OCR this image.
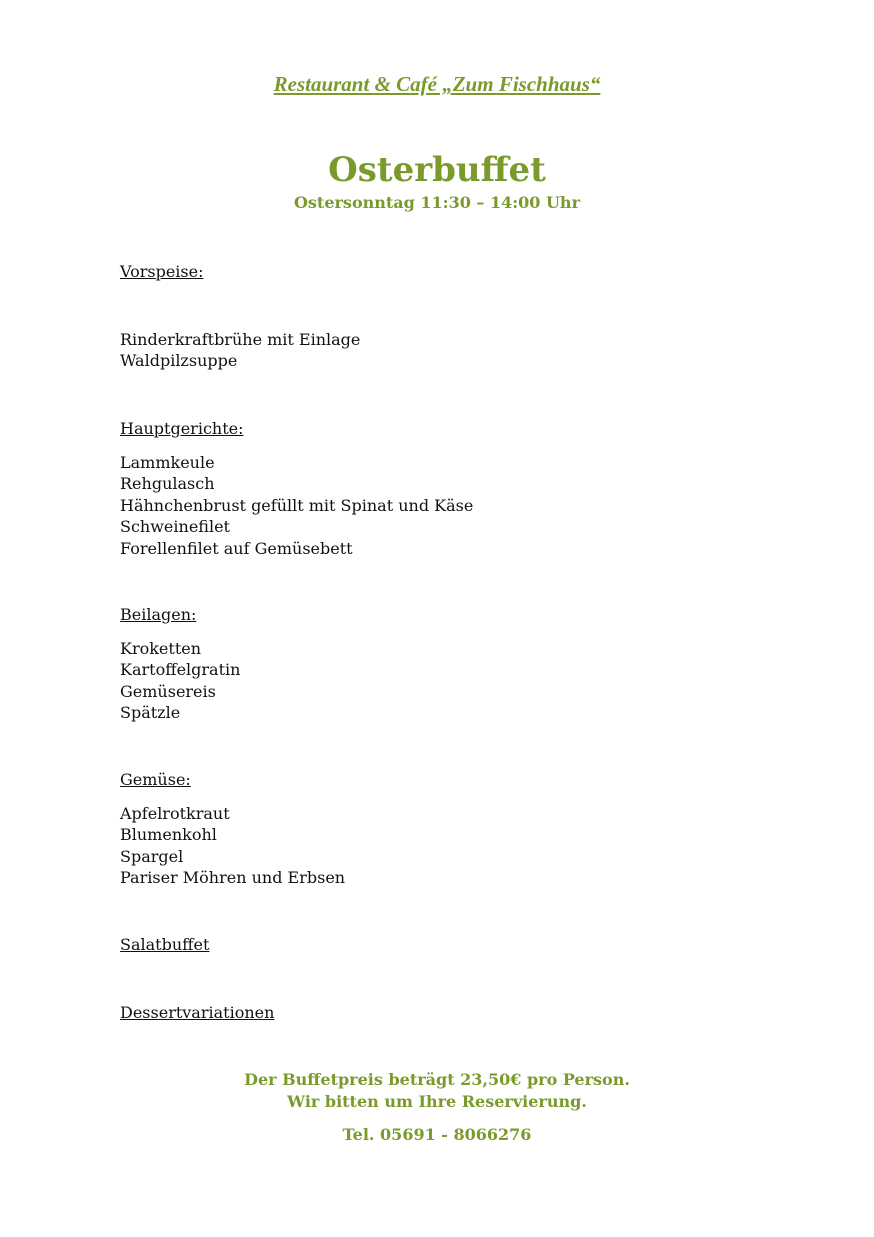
Restaurant & Café „Zum Fischhaus“
Osterbuffet
Ostersonntag 11:30 – 14:00 Uhr
Vorspeise:
Rinderkraftbrühe mit Einlage
Waldpilzsuppe
Hauptgerichte:
Lammkeule
Rehgulasch
Hähnchenbrust gefüllt mit Spinat und Käse
Schweinefilet
Forellenfilet auf Gemüsebett
Beilagen:
Kroketten
Kartoffelgratin
Gemüsereis
Spätzle
Gemüse:
Apfelrotkraut
Blumenkohl
Spargel
Pariser Möhren und Erbsen
Salatbuffet
Dessertvariationen
Der Buffetpreis beträgt 23,50€ pro Person.
Wir bitten um Ihre Reservierung.
Tel. 05691 - 8066276
